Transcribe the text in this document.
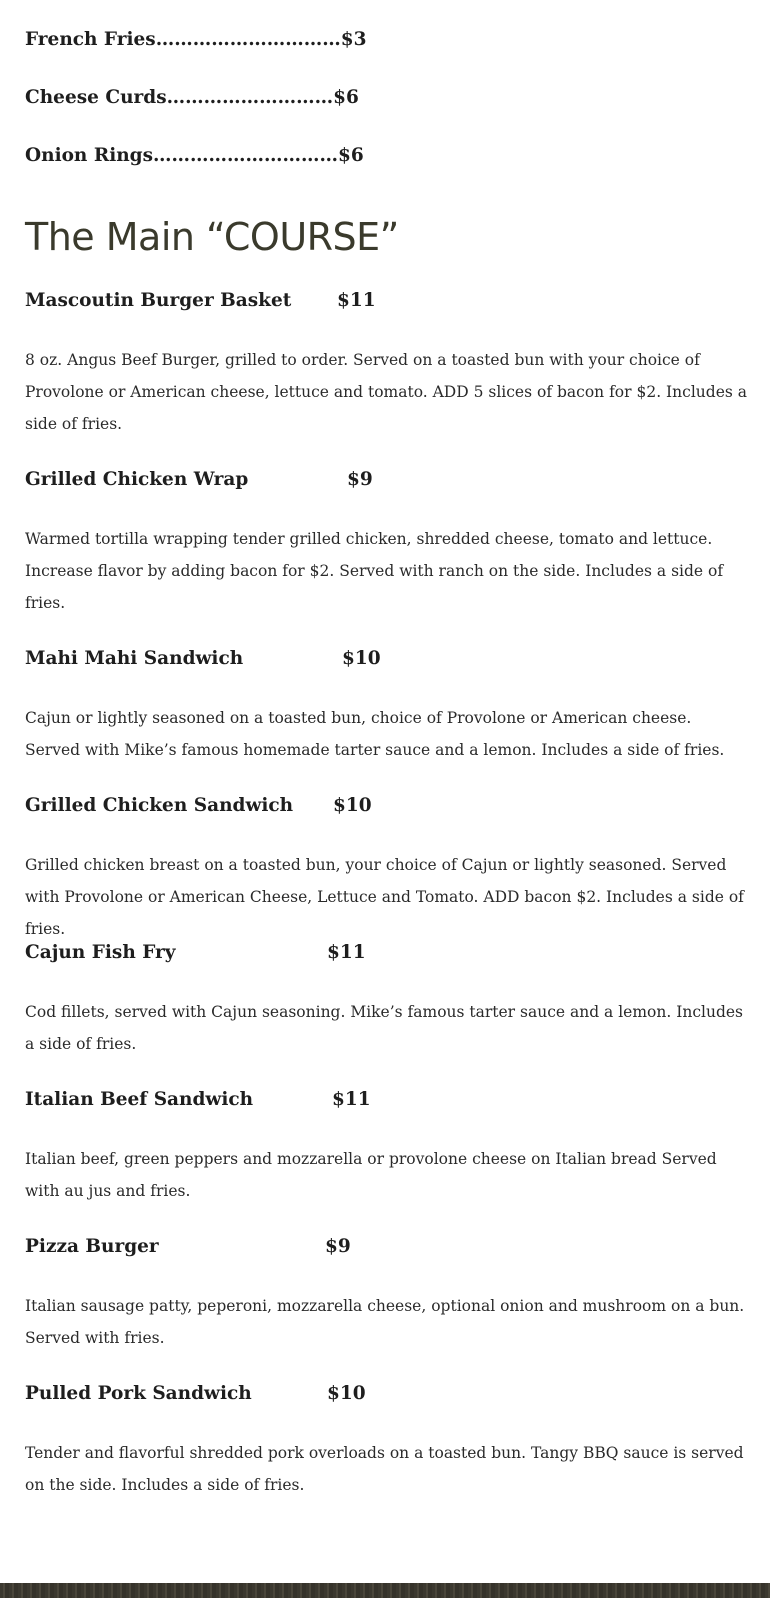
French Fries…………………………$3
Cheese Curds………………………$6
Onion Rings…………………………$6
The Main “COURSE”
Mascoutin Burger Basket $11

8 oz. Angus Beef Burger, grilled to order. Served on a toasted bun with your choice of Provolone or American cheese, lettuce and tomato. ADD 5 slices of bacon for $2. Includes a side of fries.

Grilled Chicken Wrap	$9

Warmed tortilla wrapping tender grilled chicken, shredded cheese, tomato and lettuce. Increase flavor by adding bacon for $2. Served with ranch on the side. Includes a side of fries.

Mahi Mahi Sandwich	$10

Cajun or lightly seasoned on a toasted bun, choice of Provolone or American cheese. Served with Mike’s famous homemade tarter sauce and a lemon. Includes a side of fries.

Grilled Chicken Sandwich $10

Grilled chicken breast on a toasted bun, your choice of Cajun or lightly seasoned. Served with Provolone or American Cheese, Lettuce and Tomato. ADD bacon $2. Includes a side of fries.

Cajun Fish Fry	$11

Cod fillets, served with Cajun seasoning. Mike’s famous tarter sauce and a lemon. Includes a side of fries.

Italian Beef Sandwich	$11

Italian beef, green peppers and mozzarella or provolone cheese on Italian bread Served with au jus and fries.

Pizza Burger	$9

Italian sausage patty, peperoni, mozzarella cheese, optional onion and mushroom on a bun. Served with fries.

Pulled Pork Sandwich	$10

Tender and flavorful shredded pork overloads on a toasted bun. Tangy BBQ sauce is served on the side. Includes a side of fries.
